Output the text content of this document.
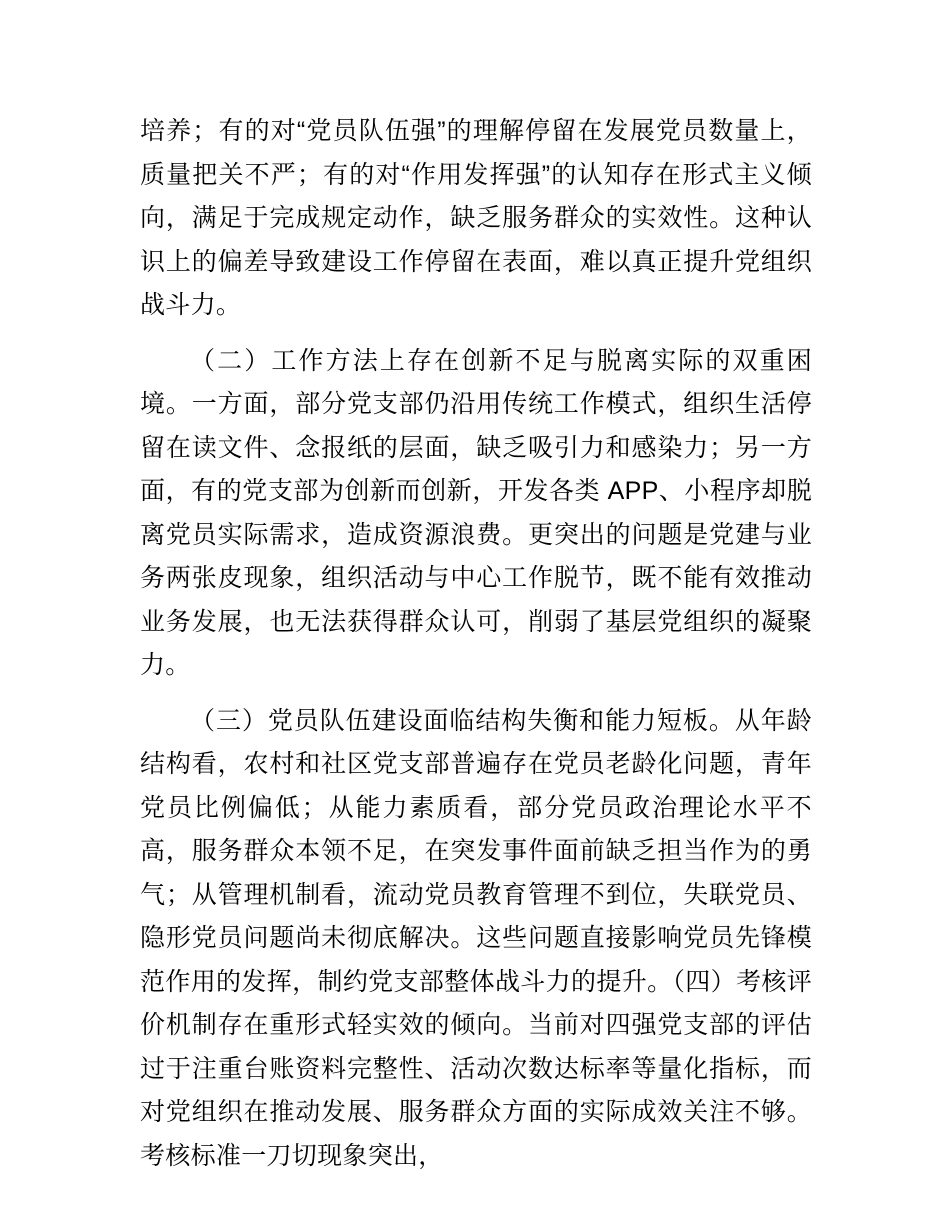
培养；有的对“党员队伍强”的理解停留在发展党员数量上，质量把关不严；有的对“作用发挥强”的认知存在形式主义倾向，满足于完成规定动作，缺乏服务群众的实效性。这种认识上的偏差导致建设工作停留在表面，难以真正提升党组织战斗力。

（二）工作方法上存在创新不足与脱离实际的双重困境。一方面，部分党支部仍沿用传统工作模式，组织生活停留在读文件、念报纸的层面，缺乏吸引力和感染力；另一方面，有的党支部为创新而创新，开发各类 APP、小程序却脱离党员实际需求，造成资源浪费。更突出的问题是党建与业务两张皮现象，组织活动与中心工作脱节，既不能有效推动业务发展，也无法获得群众认可，削弱了基层党组织的凝聚力。

（三）党员队伍建设面临结构失衡和能力短板。从年龄结构看，农村和社区党支部普遍存在党员老龄化问题，青年党员比例偏低；从能力素质看，部分党员政治理论水平不高，服务群众本领不足，在突发事件面前缺乏担当作为的勇气；从管理机制看，流动党员教育管理不到位，失联党员、隐形党员问题尚未彻底解决。这些问题直接影响党员先锋模范作用的发挥，制约党支部整体战斗力的提升。（四）考核评价机制存在重形式轻实效的倾向。当前对四强党支部的评估过于注重台账资料完整性、活动次数达标率等量化指标，而对党组织在推动发展、服务群众方面的实际成效关注不够。考核标准一刀切现象突出，
